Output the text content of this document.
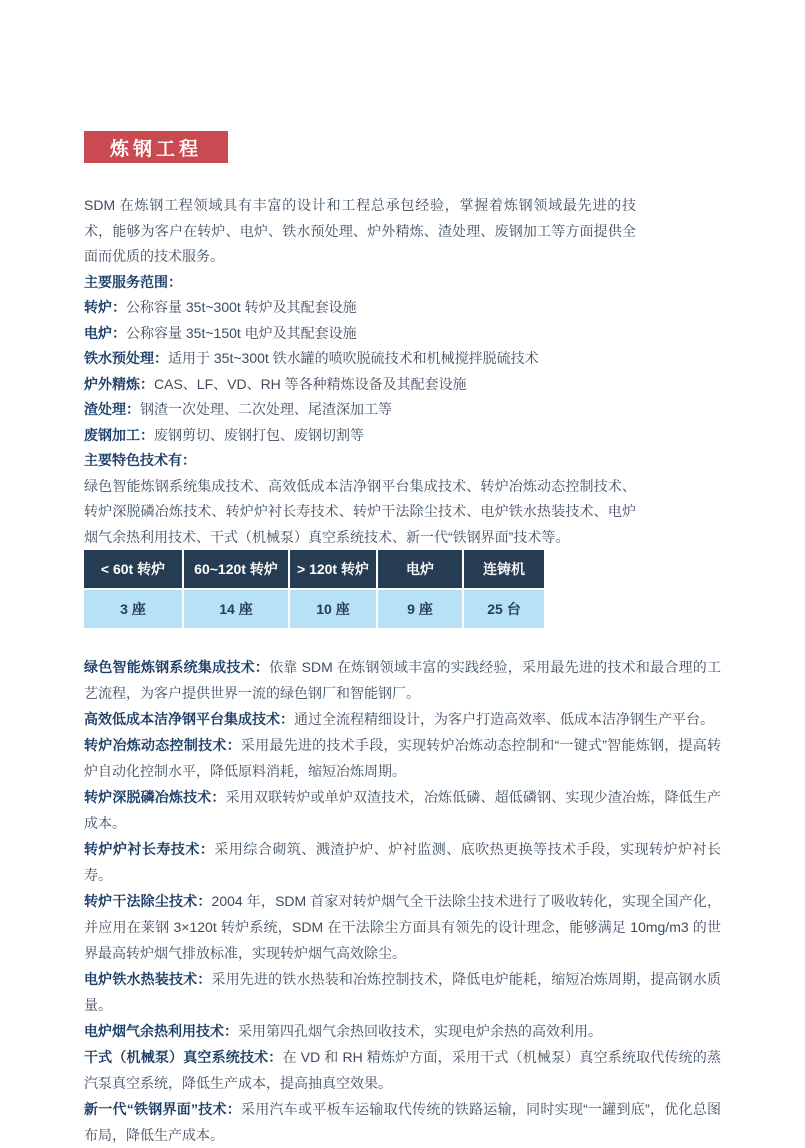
炼钢工程

SDM 在炼钢工程领域具有丰富的设计和工程总承包经验，掌握着炼钢领域最先进的技术，能够为客户在转炉、电炉、铁水预处理、炉外精炼、渣处理、废钢加工等方面提供全面而优质的技术服务。

主要服务范围：

转炉：公称容量 35t~300t 转炉及其配套设施

电炉：公称容量 35t~150t 电炉及其配套设施

铁水预处理：适用于 35t~300t 铁水罐的喷吹脱硫技术和机械搅拌脱硫技术

炉外精炼：CAS、LF、VD、RH 等各种精炼设备及其配套设施

渣处理：钢渣一次处理、二次处理、尾渣深加工等

废钢加工：废钢剪切、废钢打包、废钢切割等

主要特色技术有：

绿色智能炼钢系统集成技术、高效低成本洁净钢平台集成技术、转炉冶炼动态控制技术、转炉深脱磷冶炼技术、转炉炉衬长寿技术、转炉干法除尘技术、电炉铁水热装技术、电炉烟气余热利用技术、干式（机械泵）真空系统技术、新一代“铁钢界面”技术等。

< 60t 转炉	60~120t 转炉	> 120t 转炉	电炉	连铸机
3 座	14 座	10 座	9 座	25 台

绿色智能炼钢系统集成技术：依靠 SDM 在炼钢领域丰富的实践经验，采用最先进的技术和最合理的工艺流程，为客户提供世界一流的绿色钢厂和智能钢厂。

高效低成本洁净钢平台集成技术：通过全流程精细设计，为客户打造高效率、低成本洁净钢生产平台。

转炉冶炼动态控制技术：采用最先进的技术手段，实现转炉冶炼动态控制和“一键式”智能炼钢，提高转炉自动化控制水平，降低原料消耗，缩短冶炼周期。

转炉深脱磷冶炼技术：采用双联转炉或单炉双渣技术，冶炼低磷、超低磷钢、实现少渣冶炼，降低生产成本。

转炉炉衬长寿技术：采用综合砌筑、溅渣护炉、炉衬监测、底吹热更换等技术手段，实现转炉炉衬长寿。

转炉干法除尘技术：2004 年，SDM 首家对转炉烟气全干法除尘技术进行了吸收转化，实现全国产化，并应用在莱钢 3×120t 转炉系统，SDM 在干法除尘方面具有领先的设计理念，能够满足 10mg/m3 的世界最高转炉烟气排放标准，实现转炉烟气高效除尘。

电炉铁水热装技术：采用先进的铁水热装和冶炼控制技术，降低电炉能耗，缩短冶炼周期，提高钢水质量。

电炉烟气余热利用技术：采用第四孔烟气余热回收技术，实现电炉余热的高效利用。

干式（机械泵）真空系统技术：在 VD 和 RH 精炼炉方面，采用干式（机械泵）真空系统取代传统的蒸汽泵真空系统，降低生产成本，提高抽真空效果。

新一代“铁钢界面”技术：采用汽车或平板车运输取代传统的铁路运输，同时实现“一罐到底”，优化总图布局，降低生产成本。
